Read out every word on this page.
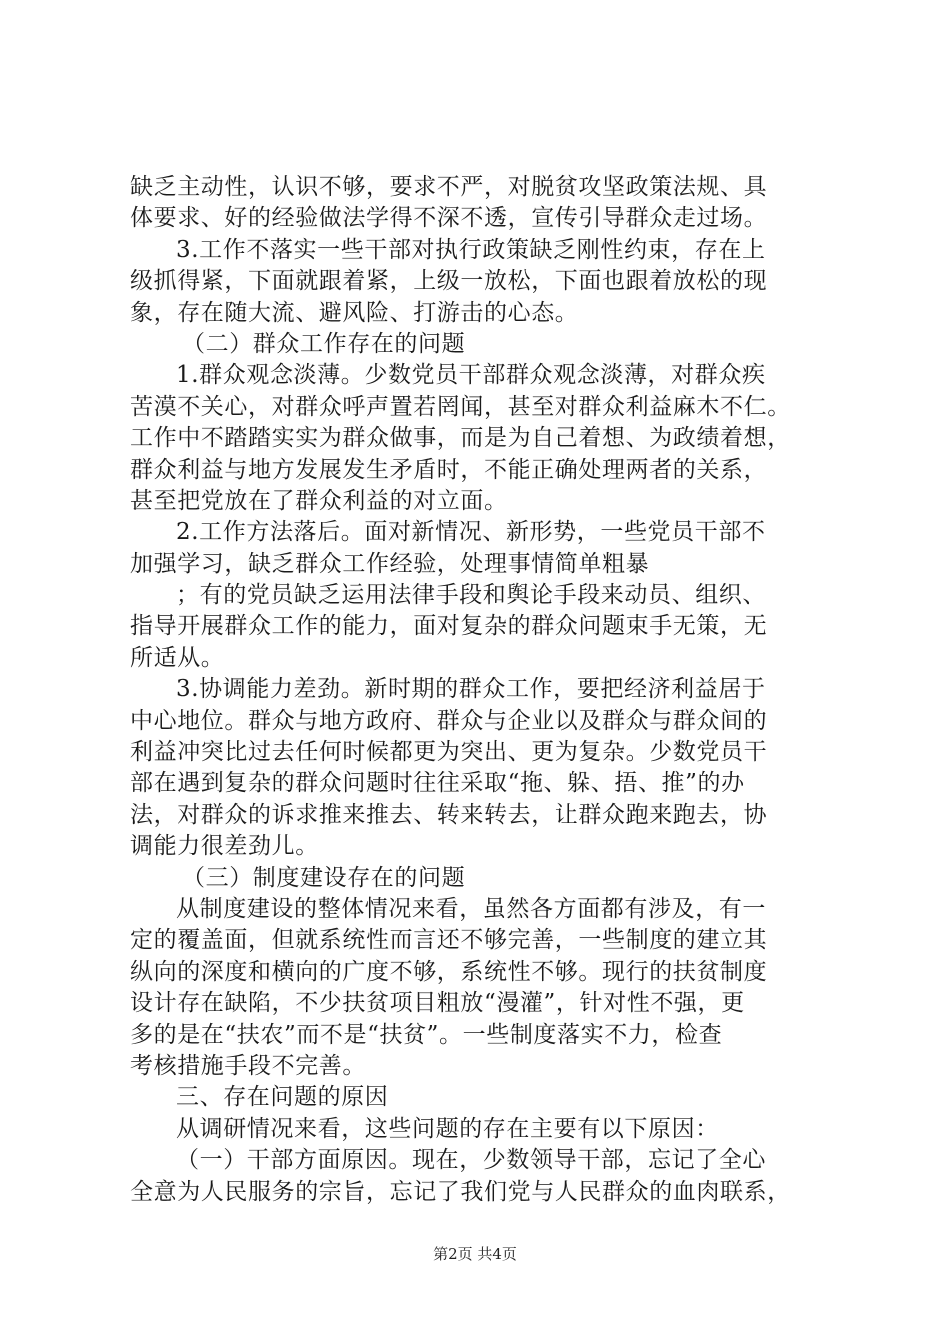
缺乏主动性，认识不够，要求不严，对脱贫攻坚政策法规、具
体要求、好的经验做法学得不深不透，宣传引导群众走过场。
3.工作不落实一些干部对执行政策缺乏刚性约束，存在上
级抓得紧，下面就跟着紧，上级一放松，下面也跟着放松的现
象，存在随大流、避风险、打游击的心态。
（二）群众工作存在的问题
1.群众观念淡薄。少数党员干部群众观念淡薄，对群众疾
苦漠不关心，对群众呼声置若罔闻，甚至对群众利益麻木不仁。
工作中不踏踏实实为群众做事，而是为自己着想、为政绩着想，
群众利益与地方发展发生矛盾时，不能正确处理两者的关系，
甚至把党放在了群众利益的对立面。
2.工作方法落后。面对新情况、新形势，一些党员干部不
加强学习，缺乏群众工作经验，处理事情简单粗暴
；有的党员缺乏运用法律手段和舆论手段来动员、组织、
指导开展群众工作的能力，面对复杂的群众问题束手无策，无
所适从。
3.协调能力差劲。新时期的群众工作，要把经济利益居于
中心地位。群众与地方政府、群众与企业以及群众与群众间的
利益冲突比过去任何时候都更为突出、更为复杂。少数党员干
部在遇到复杂的群众问题时往往采取“拖、躲、捂、推”的办
法，对群众的诉求推来推去、转来转去，让群众跑来跑去，协
调能力很差劲儿。
（三）制度建设存在的问题
从制度建设的整体情况来看，虽然各方面都有涉及，有一
定的覆盖面，但就系统性而言还不够完善，一些制度的建立其
纵向的深度和横向的广度不够，系统性不够。现行的扶贫制度
设计存在缺陷，不少扶贫项目粗放“漫灌”，针对性不强，更
多的是在“扶农”而不是“扶贫”。一些制度落实不力，检查
考核措施手段不完善。
三、存在问题的原因
从调研情况来看，这些问题的存在主要有以下原因：
（一）干部方面原因。现在，少数领导干部，忘记了全心
全意为人民服务的宗旨，忘记了我们党与人民群众的血肉联系，
第2页 共4页
